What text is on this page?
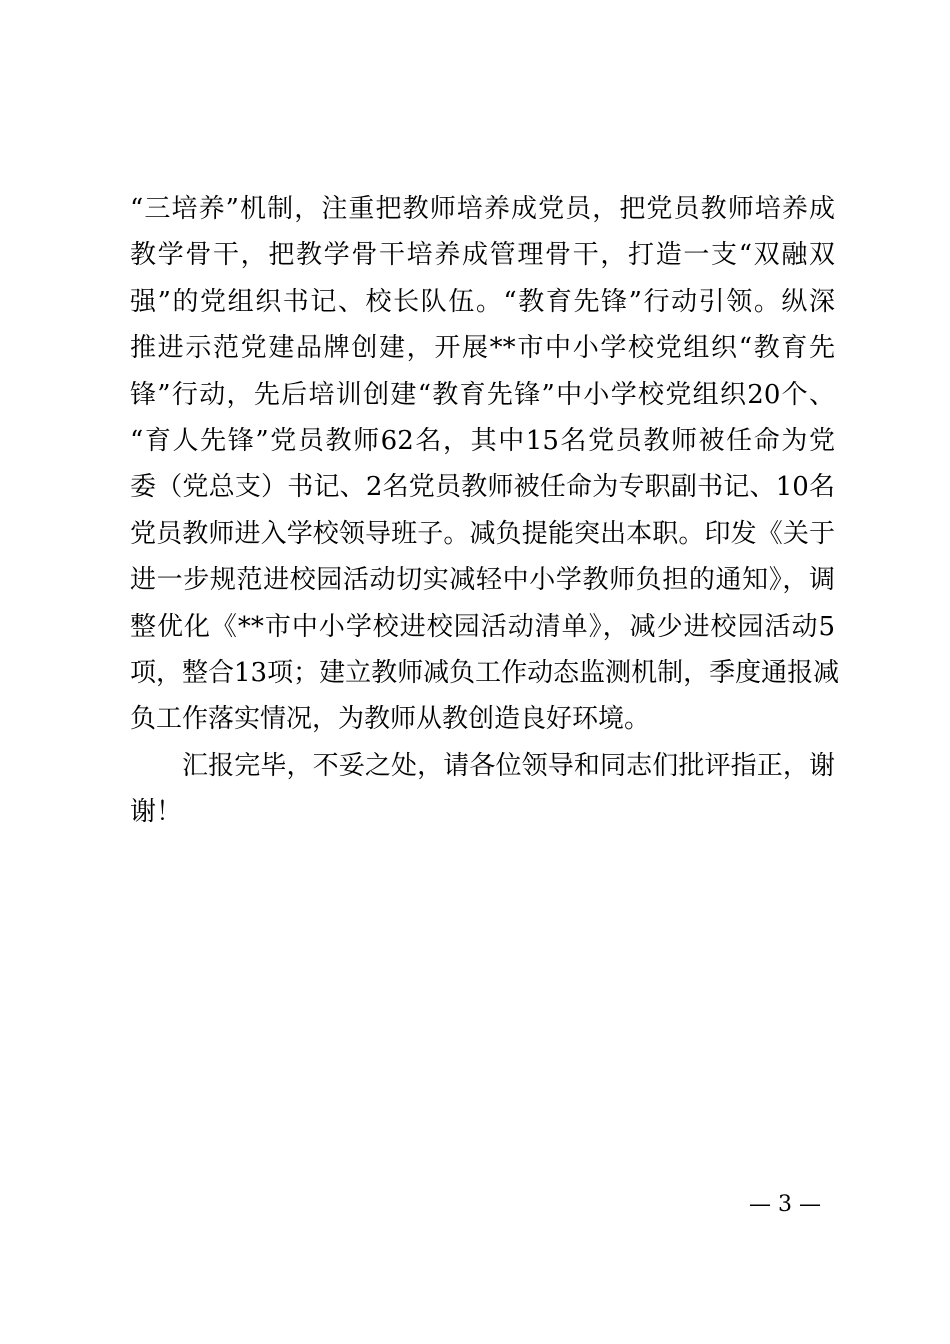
“三培养”机制，注重把教师培养成党员，把党员教师培养成
教学骨干，把教学骨干培养成管理骨干，打造一支“双融双
强”的党组织书记、校长队伍。“教育先锋”行动引领。纵深
推进示范党建品牌创建，开展**市中小学校党组织“教育先
锋”行动，先后培训创建“教育先锋”中小学校党组织20个、
“育人先锋”党员教师62名，其中15名党员教师被任命为党
委（党总支）书记、2名党员教师被任命为专职副书记、10名
党员教师进入学校领导班子。减负提能突出本职。印发《关于
进一步规范进校园活动切实减轻中小学教师负担的通知》，调
整优化《**市中小学校进校园活动清单》，减少进校园活动5
项，整合13项；建立教师减负工作动态监测机制，季度通报减
负工作落实情况，为教师从教创造良好环境。
汇报完毕，不妥之处，请各位领导和同志们批评指正，谢
谢！
— 3 —
